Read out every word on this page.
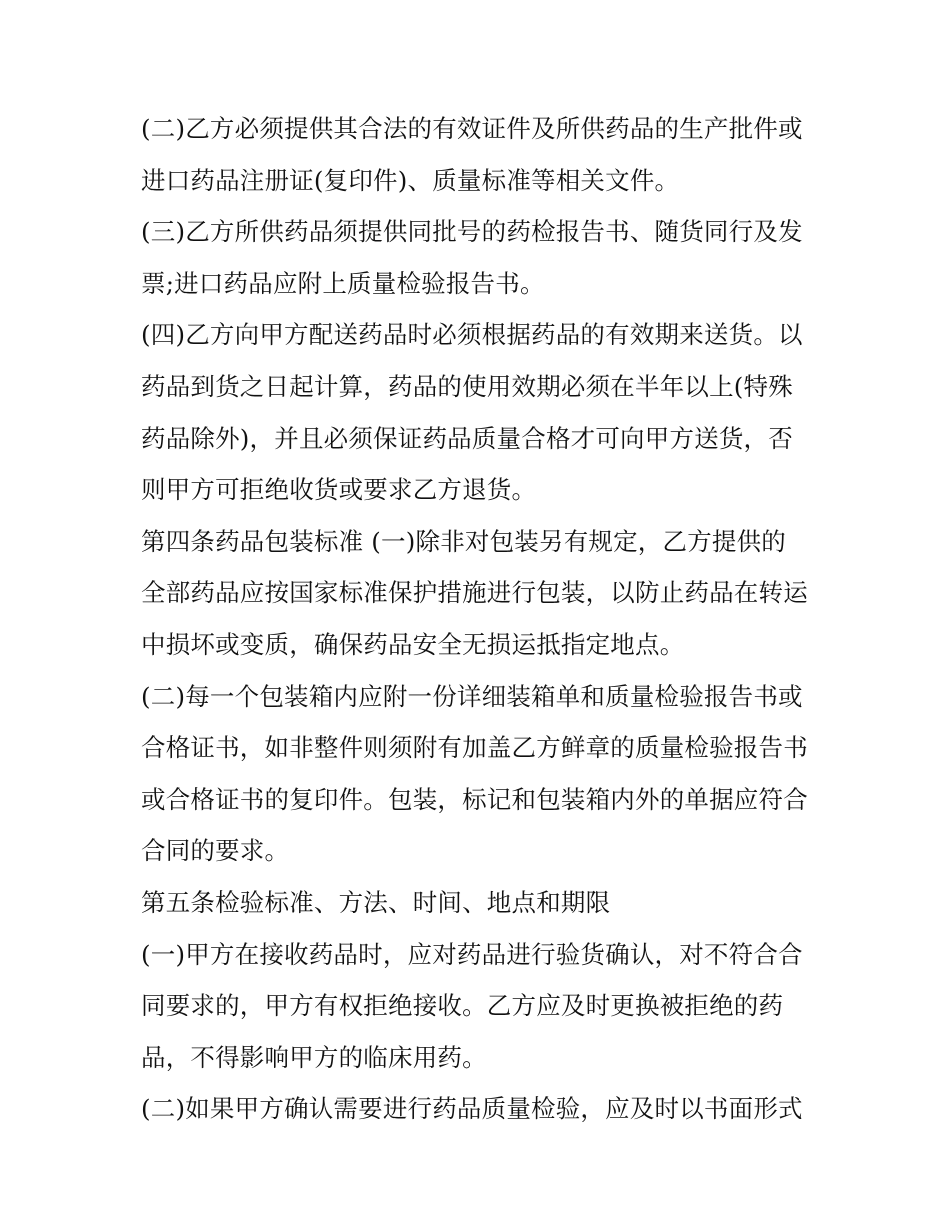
(二)乙方必须提供其合法的有效证件及所供药品的生产批件或
进口药品注册证(复印件)、质量标准等相关文件。
(三)乙方所供药品须提供同批号的药检报告书、随货同行及发
票;进口药品应附上质量检验报告书。
(四)乙方向甲方配送药品时必须根据药品的有效期来送货。以
药品到货之日起计算，药品的使用效期必须在半年以上(特殊
药品除外)，并且必须保证药品质量合格才可向甲方送货，否
则甲方可拒绝收货或要求乙方退货。
第四条药品包装标准 (一)除非对包装另有规定，乙方提供的
全部药品应按国家标准保护措施进行包装，以防止药品在转运
中损坏或变质，确保药品安全无损运抵指定地点。
(二)每一个包装箱内应附一份详细装箱单和质量检验报告书或
合格证书，如非整件则须附有加盖乙方鲜章的质量检验报告书
或合格证书的复印件。包装，标记和包装箱内外的单据应符合
合同的要求。
第五条检验标准、方法、时间、地点和期限
(一)甲方在接收药品时，应对药品进行验货确认，对不符合合
同要求的，甲方有权拒绝接收。乙方应及时更换被拒绝的药
品，不得影响甲方的临床用药。
(二)如果甲方确认需要进行药品质量检验，应及时以书面形式
